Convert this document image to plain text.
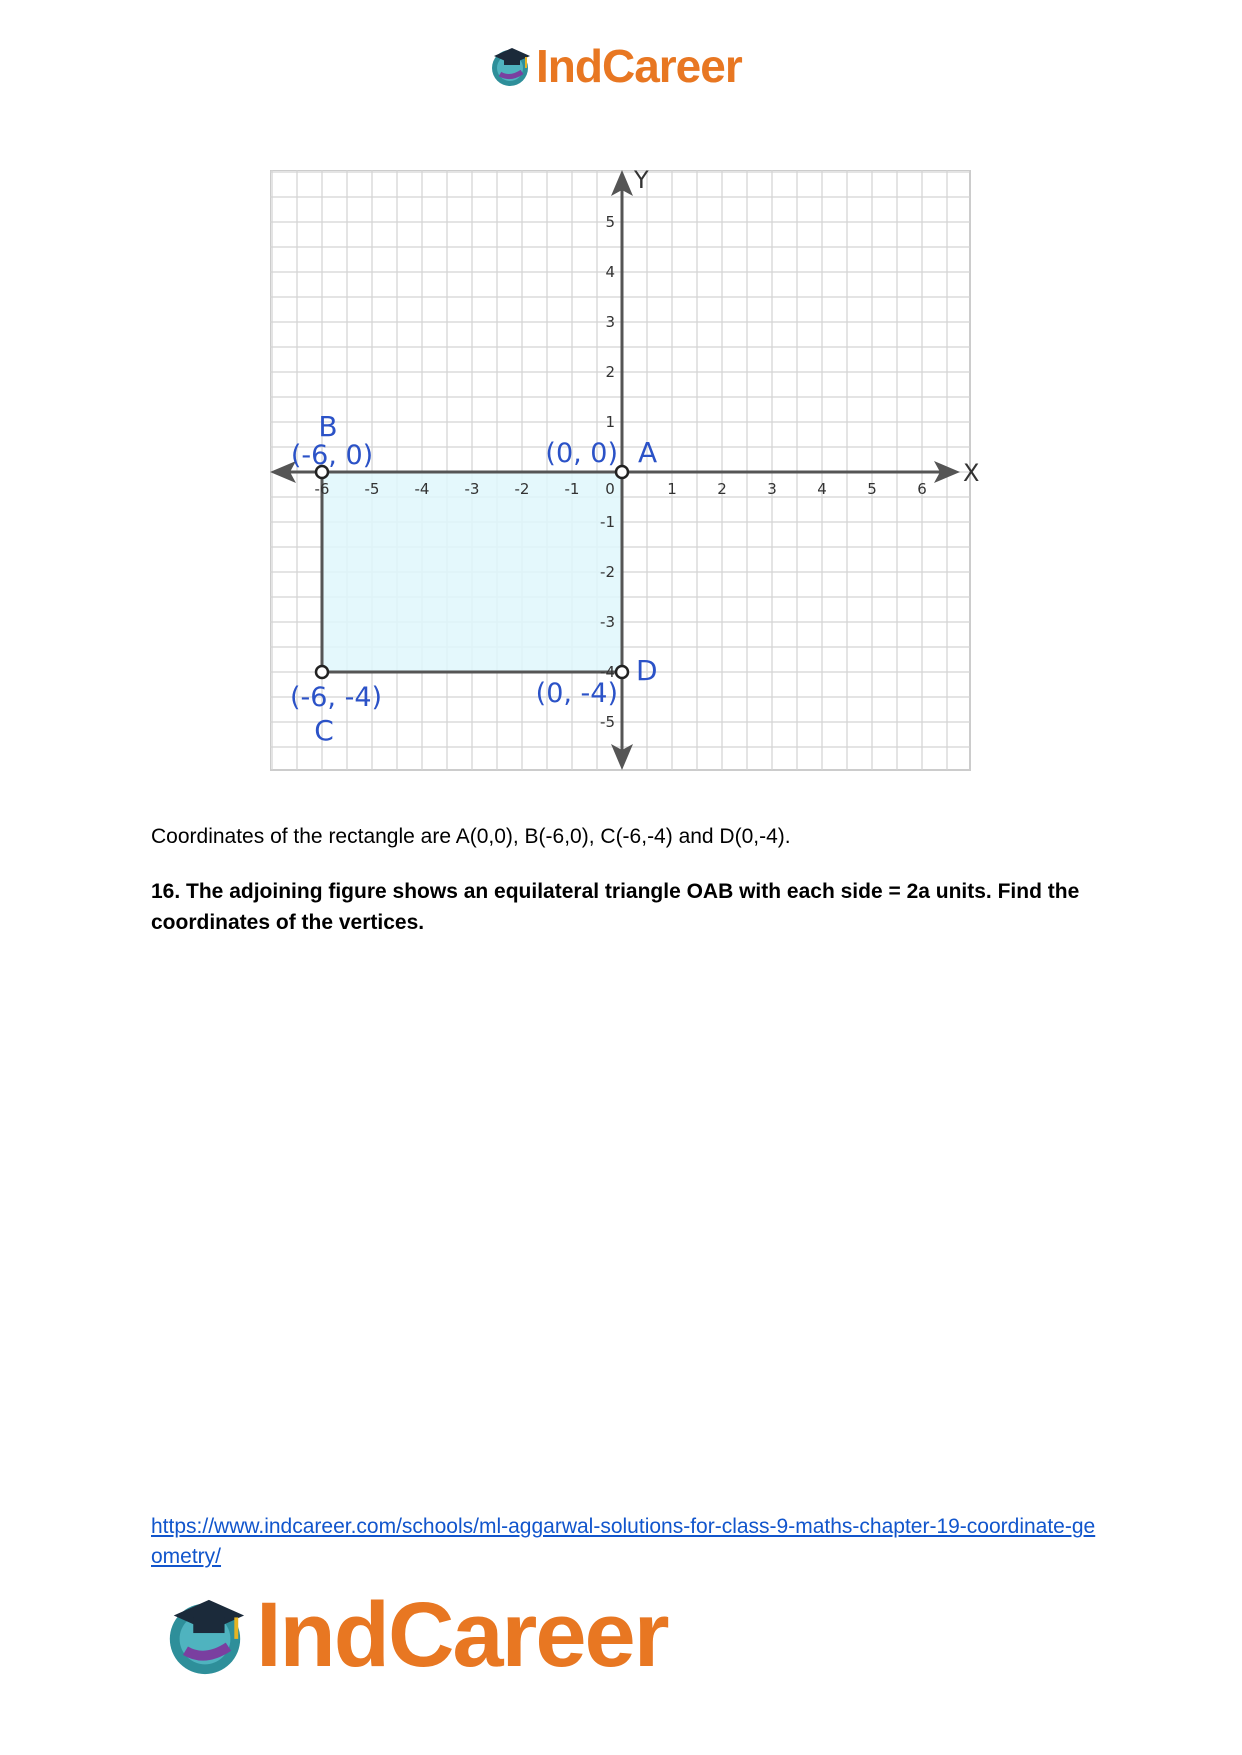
IndCareer
X
Y
-6 -5 -4 -3 -2 -1 0	1	2	3	4	5	6
5
4
3
2
1
-1
-2
-3
-4
-5
A
(0, 0)
B
(-6, 0)
C
(-6, -4)
D
(0, -4)
Coordinates of the rectangle are A(0,0), B(-6,0), C(-6,-4) and D(0,-4).
16. The adjoining figure shows an equilateral triangle OAB with each side = 2a units. Find the coordinates of the vertices.
https://www.indcareer.com/schools/ml-aggarwal-solutions-for-class-9-maths-chapter-19-coordinate-geometry/
IndCareer
